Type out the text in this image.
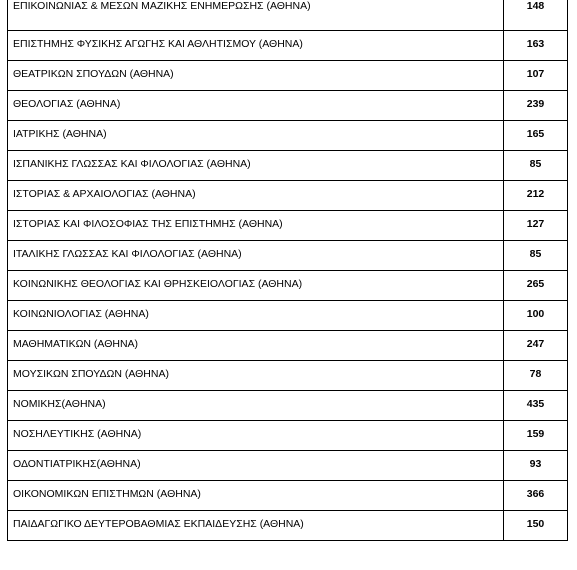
ΕΠΙΚΟΙΝΩΝΙΑΣ & ΜΕΣΩΝ ΜΑΖΙΚΗΣ ΕΝΗΜΕΡΩΣΗΣ (ΑΘΗΝΑ)	148
ΕΠΙΣΤΗΜΗΣ ΦΥΣΙΚΗΣ ΑΓΩΓΗΣ ΚΑΙ ΑΘΛΗΤΙΣΜΟΥ (ΑΘΗΝΑ)	163
ΘΕΑΤΡΙΚΩΝ ΣΠΟΥΔΩΝ (ΑΘΗΝΑ)	107
ΘΕΟΛΟΓΙΑΣ (ΑΘΗΝΑ)	239
ΙΑΤΡΙΚΗΣ (ΑΘΗΝΑ)	165
ΙΣΠΑΝΙΚΗΣ ΓΛΩΣΣΑΣ ΚΑΙ ΦΙΛΟΛΟΓΙΑΣ (ΑΘΗΝΑ)	85
ΙΣΤΟΡΙΑΣ & ΑΡΧΑΙΟΛΟΓΙΑΣ (ΑΘΗΝΑ)	212
ΙΣΤΟΡΙΑΣ ΚΑΙ ΦΙΛΟΣΟΦΙΑΣ ΤΗΣ ΕΠΙΣΤΗΜΗΣ (ΑΘΗΝΑ)	127
ΙΤΑΛΙΚΗΣ ΓΛΩΣΣΑΣ ΚΑΙ ΦΙΛΟΛΟΓΙΑΣ (ΑΘΗΝΑ)	85
ΚΟΙΝΩΝΙΚΗΣ ΘΕΟΛΟΓΙΑΣ ΚΑΙ ΘΡΗΣΚΕΙΟΛΟΓΙΑΣ (ΑΘΗΝΑ)	265
ΚΟΙΝΩΝΙΟΛΟΓΙΑΣ (ΑΘΗΝΑ)	100
ΜΑΘΗΜΑΤΙΚΩΝ (ΑΘΗΝΑ)	247
ΜΟΥΣΙΚΩΝ ΣΠΟΥΔΩΝ (ΑΘΗΝΑ)	78
ΝΟΜΙΚΗΣ(ΑΘΗΝΑ)	435
ΝΟΣΗΛΕΥΤΙΚΗΣ (ΑΘΗΝΑ)	159
ΟΔΟΝΤΙΑΤΡΙΚΗΣ(ΑΘΗΝΑ)	93
ΟΙΚΟΝΟΜΙΚΩΝ ΕΠΙΣΤΗΜΩΝ (ΑΘΗΝΑ)	366
ΠΑΙΔΑΓΩΓΙΚΟ ΔΕΥΤΕΡΟΒΑΘΜΙΑΣ ΕΚΠΑΙΔΕΥΣΗΣ (ΑΘΗΝΑ)	150
